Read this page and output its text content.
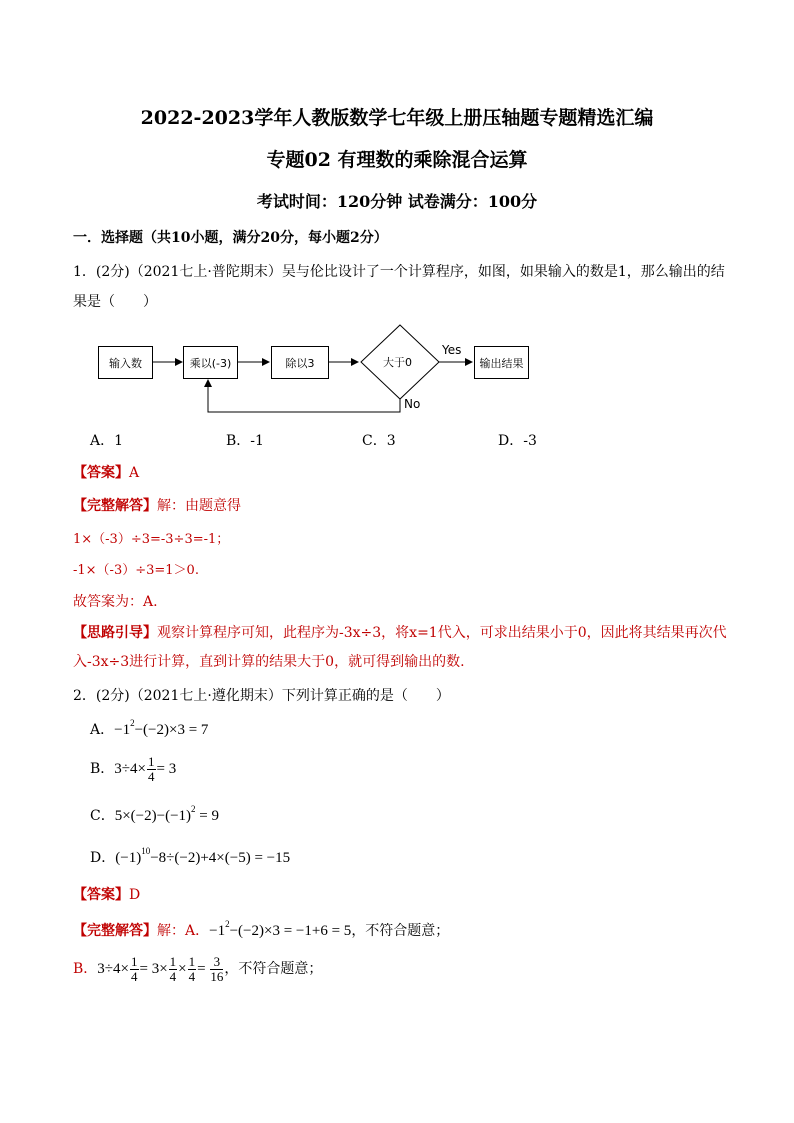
2022-2023学年人教版数学七年级上册压轴题专题精选汇编
专题02 有理数的乘除混合运算
考试时间：120分钟 试卷满分：100分
一．选择题（共10小题，满分20分，每小题2分）
1．(2分)（2021七上·普陀期末）吴与伦比设计了一个计算程序，如图，如果输入的数是1，那么输出的结
果是（　　）
输入数	乘以(-3)	除以3	大于0
Yes
No
输出结果
A．1	B．-1	C．3	D．-3
【答案】A
【完整解答】解：由题意得
1×（-3）÷3=-3÷3=-1；
-1×（-3）÷3=1＞0.
故答案为：A.
【思路引导】观察计算程序可知，此程序为-3x÷3，将x=1代入，可求出结果小于0，因此将其结果再次代
入-3x÷3进行计算，直到计算的结果大于0，就可得到输出的数.
2．(2分)（2021七上·遵化期末）下列计算正确的是（　　）
A．$-1^2-(-2)\times 3 = 7$
B．$3\div 4\times \frac{1}{4} = 3$
C．$5\times(-2)-(-1)^2 = 9$
D．$(-1)^{10}-8\div(-2)+4\times(-5) = -15$
【答案】D
【完整解答】解：A．$-1^2-(-2)\times 3 = -1+6 = 5$，不符合题意；
B．$3\div 4\times \frac{1}{4} = 3\times \frac{1}{4} \times \frac{1}{4} = \frac{3}{16}$ ，不符合题意；
